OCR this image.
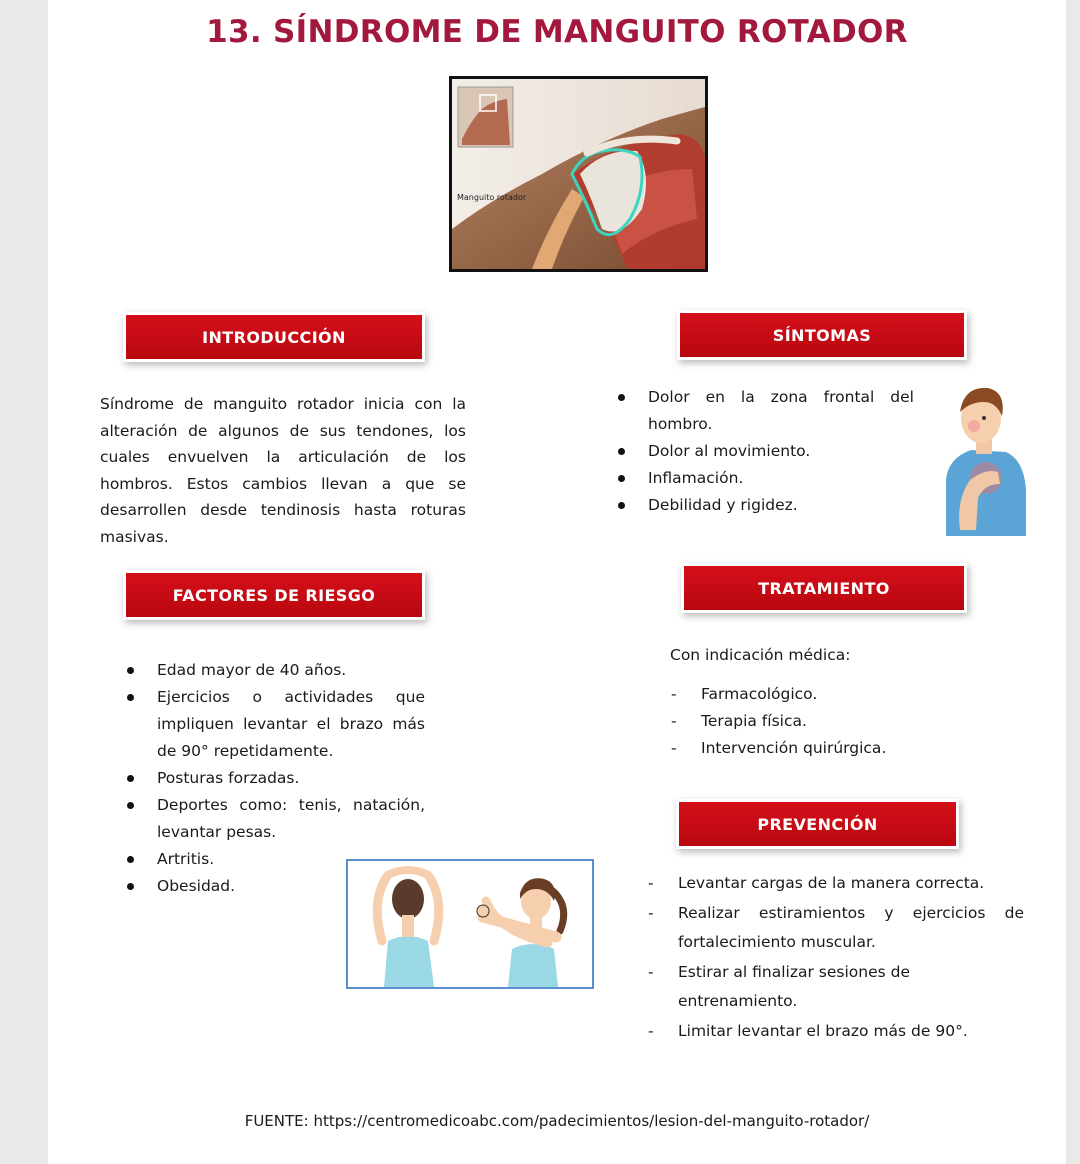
13. SÍNDROME DE MANGUITO ROTADOR
Manguito rotador
INTRODUCCIÓN
Síndrome de manguito rotador inicia con la alteración de algunos de sus tendones, los cuales envuelven la articulación de los hombros. Estos cambios llevan a que se desarrollen desde tendinosis hasta roturas masivas.
SÍNTOMAS
Dolor en la zona frontal del hombro.
Dolor al movimiento.
Inflamación.
Debilidad y rigidez.
FACTORES DE RIESGO
Edad mayor de 40 años.
Ejercicios o actividades que impliquen levantar el brazo más de 90° repetidamente.
Posturas forzadas.
Deportes como: tenis, natación, levantar pesas.
Artritis.
Obesidad.
TRATAMIENTO
Con indicación médica:
- Farmacológico.
- Terapia física.
- Intervención quirúrgica.
PREVENCIÓN
- Levantar cargas de la manera correcta.
- Realizar estiramientos y ejercicios de fortalecimiento muscular.
- Estirar al finalizar sesiones de entrenamiento.
- Limitar levantar el brazo más de 90°.
FUENTE: https://centromedicoabc.com/padecimientos/lesion-del-manguito-rotador/
